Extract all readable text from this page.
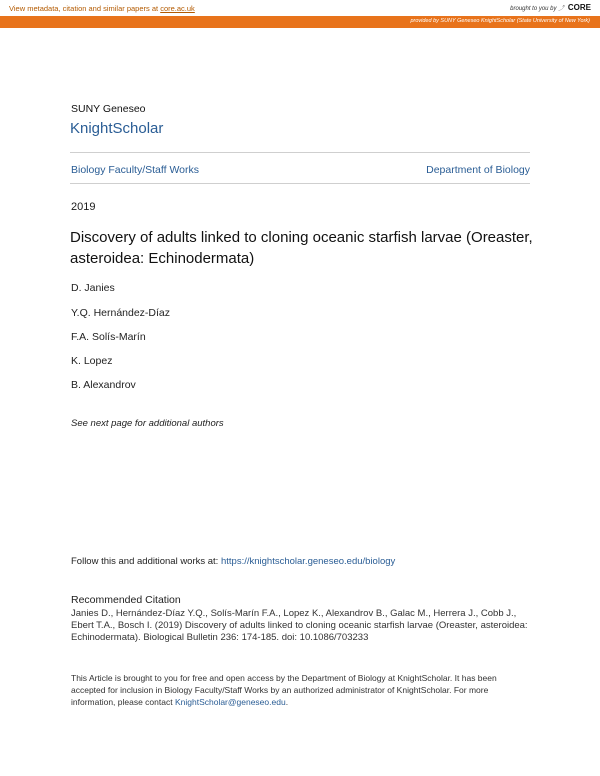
View metadata, citation and similar papers at core.ac.uk	brought to you by ⤴ CORE
provided by SUNY Geneseo KnightScholar (State University of New York)
SUNY Geneseo
KnightScholar
Biology Faculty/Staff Works	Department of Biology
2019
Discovery of adults linked to cloning oceanic starfish larvae (Oreaster, asteroidea: Echinodermata)
D. Janies
Y.Q. Hernández-Díaz
F.A. Solís-Marín
K. Lopez
B. Alexandrov
See next page for additional authors
Follow this and additional works at: https://knightscholar.geneseo.edu/biology
Recommended Citation
Janies D., Hernández-Díaz Y.Q., Solís-Marín F.A., Lopez K., Alexandrov B., Galac M., Herrera J., Cobb J., Ebert T.A., Bosch I. (2019) Discovery of adults linked to cloning oceanic starfish larvae (Oreaster, asteroidea: Echinodermata). Biological Bulletin 236: 174-185. doi: 10.1086/703233
This Article is brought to you for free and open access by the Department of Biology at KnightScholar. It has been accepted for inclusion in Biology Faculty/Staff Works by an authorized administrator of KnightScholar. For more information, please contact KnightScholar@geneseo.edu.
